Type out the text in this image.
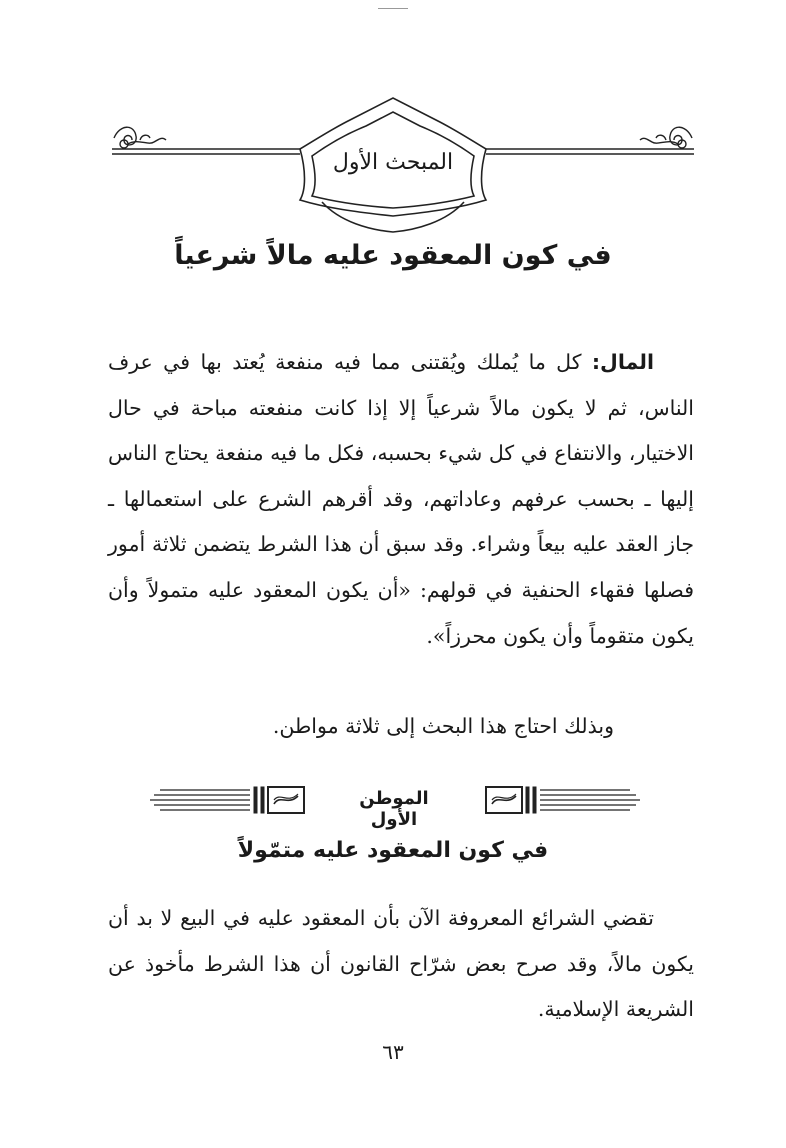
المبحث الأول
في كون المعقود عليه مالاً شرعياً
المال: كل ما يُملك ويُقتنى مما فيه منفعة يُعتد بها في عرف الناس، ثم لا يكون مالاً شرعياً إلا إذا كانت منفعته مباحة في حال الاختيار، والانتفاع في كل شيء بحسبه، فكل ما فيه منفعة يحتاج الناس إليها ـ بحسب عرفهم وعاداتهم، وقد أقرهم الشرع على استعمالها ـ جاز العقد عليه بيعاً وشراء. وقد سبق أن هذا الشرط يتضمن ثلاثة أمور فصلها فقهاء الحنفية في قولهم: «أن يكون المعقود عليه متمولاً وأن يكون متقوماً وأن يكون محرزاً».
وبذلك احتاج هذا البحث إلى ثلاثة مواطن.
الموطن الأول
في كون المعقود عليه متمّولاً
تقضي الشرائع المعروفة الآن بأن المعقود عليه في البيع لا بد أن يكون مالاً، وقد صرح بعض شرّاح القانون أن هذا الشرط مأخوذ عن الشريعة الإسلامية.
٦٣
